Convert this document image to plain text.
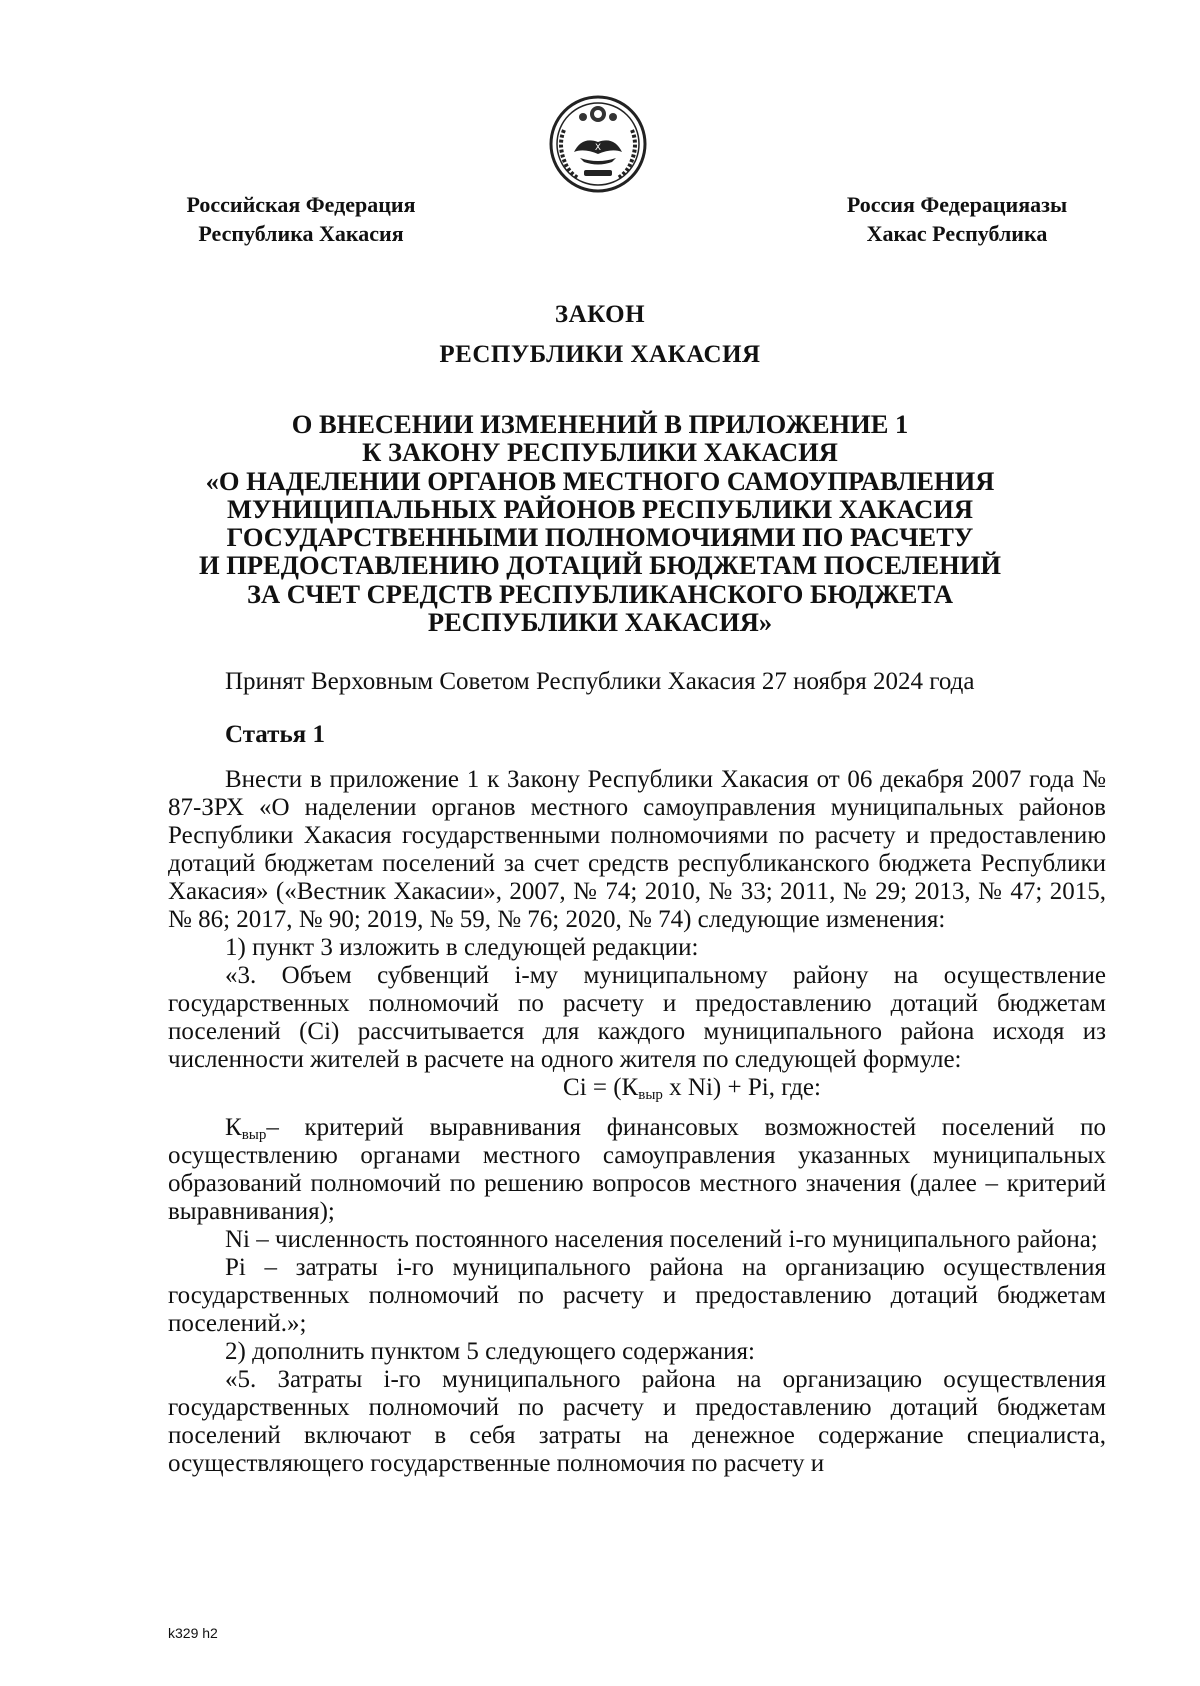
Х
Российская Федерация
Республика Хакасия
Россия Федерацияазы
Хакас Республика
ЗАКОН
РЕСПУБЛИКИ ХАКАСИЯ
О ВНЕСЕНИИ ИЗМЕНЕНИЙ В ПРИЛОЖЕНИЕ 1
К ЗАКОНУ РЕСПУБЛИКИ ХАКАСИЯ
«О НАДЕЛЕНИИ ОРГАНОВ МЕСТНОГО САМОУПРАВЛЕНИЯ
МУНИЦИПАЛЬНЫХ РАЙОНОВ РЕСПУБЛИКИ ХАКАСИЯ
ГОСУДАРСТВЕННЫМИ ПОЛНОМОЧИЯМИ ПО РАСЧЕТУ
И ПРЕДОСТАВЛЕНИЮ ДОТАЦИЙ БЮДЖЕТАМ ПОСЕЛЕНИЙ
ЗА СЧЕТ СРЕДСТВ РЕСПУБЛИКАНСКОГО БЮДЖЕТА
РЕСПУБЛИКИ ХАКАСИЯ»
Принят Верховным Советом Республики Хакасия 27 ноября 2024 года
Статья 1

Внести в приложение 1 к Закону Республики Хакасия от 06 декабря 2007 года № 87-ЗРХ «О наделении органов местного самоуправления муниципальных районов Республики Хакасия государственными полномочиями по расчету и предоставлению дотаций бюджетам поселений за счет средств республиканского бюджета Республики Хакасия» («Вестник Хакасии», 2007, № 74; 2010, № 33; 2011, № 29; 2013, № 47; 2015, № 86; 2017, № 90; 2019, № 59, № 76; 2020, № 74) следующие изменения:

1) пункт 3 изложить в следующей редакции:

«3. Объем субвенций i-му муниципальному району на осуществление государственных полномочий по расчету и предоставлению дотаций бюджетам поселений (Ci) рассчитывается для каждого муниципального района исходя из численности жителей в расчете на одного жителя по следующей формуле:

$Ci = (К_{выр}$ х Ni) + Pi, где:

$К_{выр}-$ критерий выравнивания финансовых возможностей поселений по осуществлению органами местного самоуправления указанных муниципальных образований полномочий по решению вопросов местного значения (далее – критерий выравнивания);

Ni – численность постоянного населения поселений i-го муниципального района;

Pi – затраты i-го муниципального района на организацию осуществления государственных полномочий по расчету и предоставлению дотаций бюджетам поселений.»;

2) дополнить пунктом 5 следующего содержания:

«5. Затраты i-го муниципального района на организацию осуществления государственных полномочий по расчету и предоставлению дотаций бюджетам поселений включают в себя затраты на денежное содержание специалиста, осуществляющего государственные полномочия по расчету и

k329 h2
